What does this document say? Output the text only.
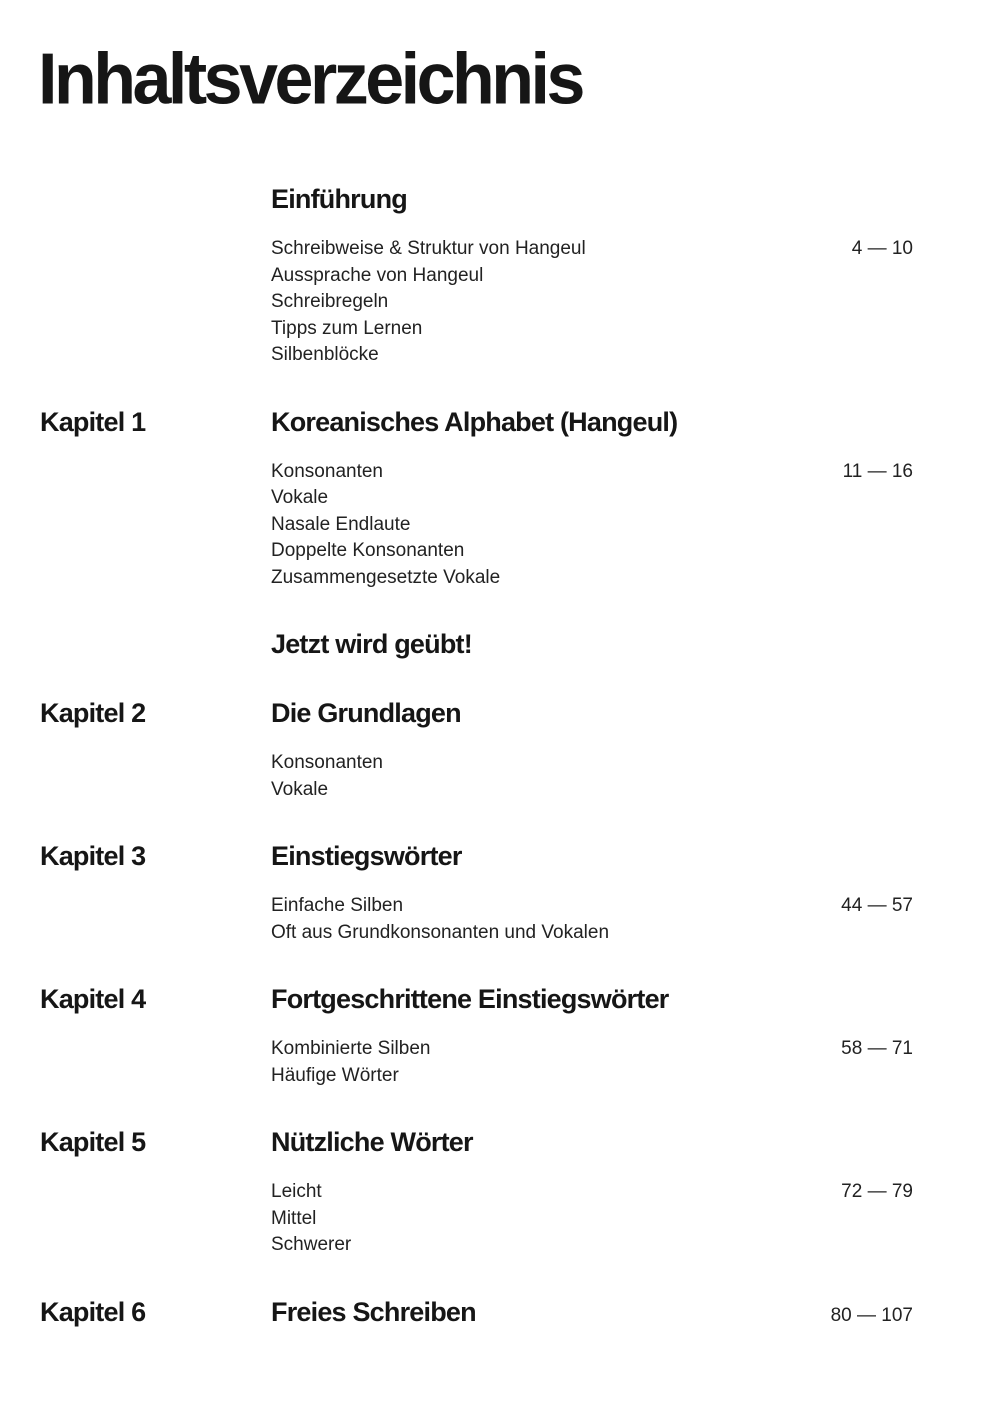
Inhaltsverzeichnis
Einführung
Schreibweise & Struktur von Hangeul	4 — 10
Aussprache von Hangeul
Schreibregeln
Tipps zum Lernen
Silbenblöcke
Kapitel 1	Koreanisches Alphabet (Hangeul)
Konsonanten	11 — 16
Vokale
Nasale Endlaute
Doppelte Konsonanten
Zusammengesetzte Vokale
Jetzt wird geübt!
Kapitel 2	Die Grundlagen
Konsonanten
Vokale
Kapitel 3	Einstiegswörter
Einfache Silben	44 — 57
Oft aus Grundkonsonanten und Vokalen
Kapitel 4	Fortgeschrittene Einstiegswörter
Kombinierte Silben	58 — 71
Häufige Wörter
Kapitel 5	Nützliche Wörter
Leicht	72 — 79
Mittel
Schwerer
Kapitel 6	Freies Schreiben	80 — 107
